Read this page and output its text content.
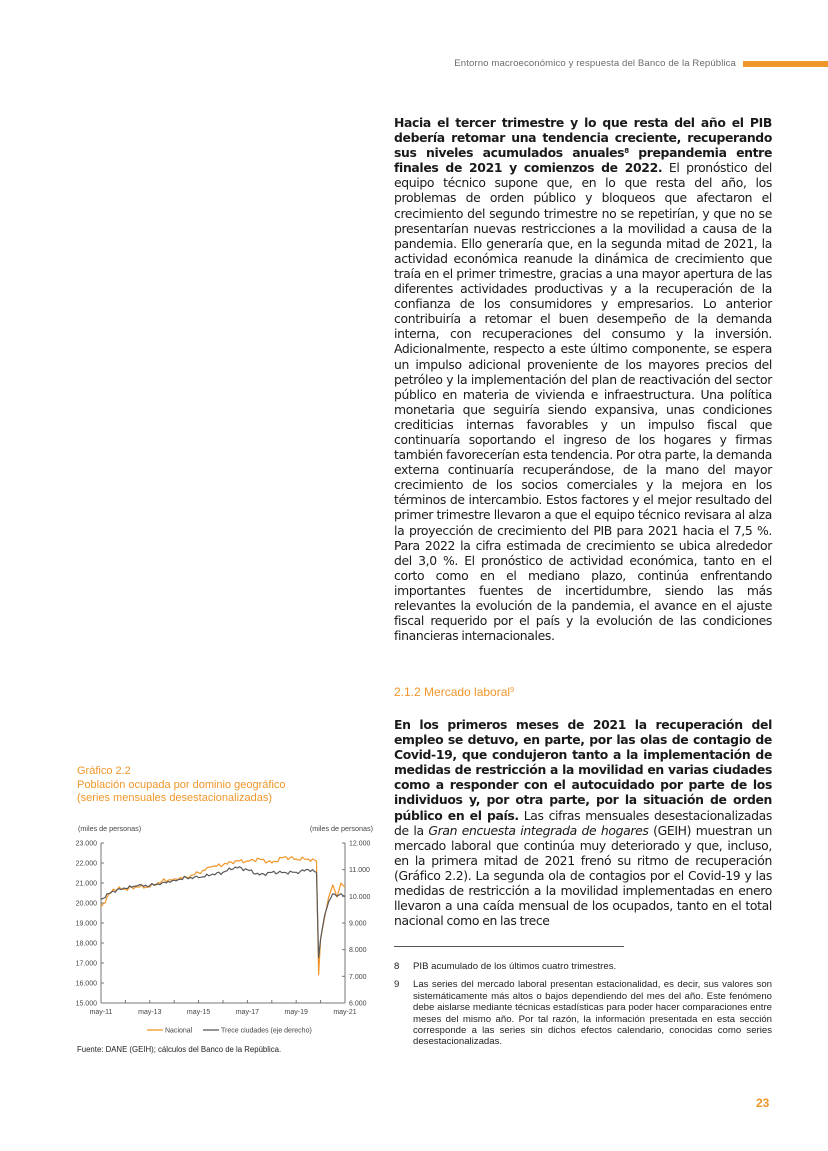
Entorno macroeconómico y respuesta del Banco de la República

Hacia el tercer trimestre y lo que resta del año el PIB debería retomar una tendencia creciente, recuperando sus niveles acumulados anuales$^8$ prepandemia entre finales de 2021 y comienzos de 2022. El pronóstico del equipo técnico supone que, en lo que resta del año, los problemas de orden público y bloqueos que afectaron el crecimiento del segundo trimestre no se repetirían, y que no se presentarían nuevas restricciones a la movilidad a causa de la pandemia. Ello generaría que, en la segunda mitad de 2021, la actividad económica reanude la dinámica de crecimiento que traía en el primer trimestre, gracias a una mayor apertura de las diferentes actividades productivas y a la recuperación de la confianza de los consumidores y empresarios. Lo anterior contribuiría a retomar el buen desempeño de la demanda interna, con recuperaciones del consumo y la inversión. Adicionalmente, respecto a este último componente, se espera un impulso adicional proveniente de los mayores precios del petróleo y la implementación del plan de reactivación del sector público en materia de vivienda e infraestructura. Una política monetaria que seguiría siendo expansiva, unas condiciones crediticias internas favorables y un impulso fiscal que continuaría soportando el ingreso de los hogares y firmas también favorecerían esta tendencia. Por otra parte, la demanda externa continuaría recuperándose, de la mano del mayor crecimiento de los socios comerciales y la mejora en los términos de intercambio. Estos factores y el mejor resultado del primer trimestre llevaron a que el equipo técnico revisara al alza la proyección de crecimiento del PIB para 2021 hacia el 7,5 %. Para 2022 la cifra estimada de crecimiento se ubica alrededor del 3,0 %. El pronóstico de actividad económica, tanto en el corto como en el mediano plazo, continúa enfrentando importantes fuentes de incertidumbre, siendo las más relevantes la evolución de la pandemia, el avance en el ajuste fiscal requerido por el país y la evolución de las condiciones financieras internacionales.

2.1.2 Mercado laboral$^9$

En los primeros meses de 2021 la recuperación del empleo se detuvo, en parte, por las olas de contagio de Covid-19, que condujeron tanto a la implementación de medidas de restricción a la movilidad en varias ciudades como a responder con el autocuidado por parte de los individuos y, por otra parte, por la situación de orden público en el país. Las cifras mensuales desestacionalizadas de la Gran encuesta integrada de hogares (GEIH) muestran un mercado laboral que continúa muy deteriorado y que, incluso, en la primera mitad de 2021 frenó su ritmo de recuperación (Gráfico 2.2). La segunda ola de contagios por el Covid-19 y las medidas de restricción a la movilidad implementadas en enero llevaron a una caída mensual de los ocupados, tanto en el total nacional como en las trece

8	PIB acumulado de los últimos cuatro trimestres.
9	Las series del mercado laboral presentan estacionalidad, es decir, sus valores son sistemáticamente más altos o bajos dependiendo del mes del año. Este fenómeno debe aislarse mediante técnicas estadísticas para poder hacer comparaciones entre meses del mismo año. Por tal razón, la información presentada en esta sección corresponde a las series sin dichos efectos calendario, conocidas como series desestacionalizadas.
Gráfico 2.2
Población ocupada por dominio geográfico
(series mensuales desestacionalizadas)
(miles de personas)	(miles de personas)
15.000
16.000
17.000
18.000
19.000
20.000
21.000
22.000
23.000
6.000
7.000
8.000
9.000
10.000
11.000
12.000
may-11	may-13	may-15	may-17	may-19	may-21
Nacional	Trece ciudades (eje derecho)
Fuente: DANE (GEIH); cálculos del Banco de la República.
23
